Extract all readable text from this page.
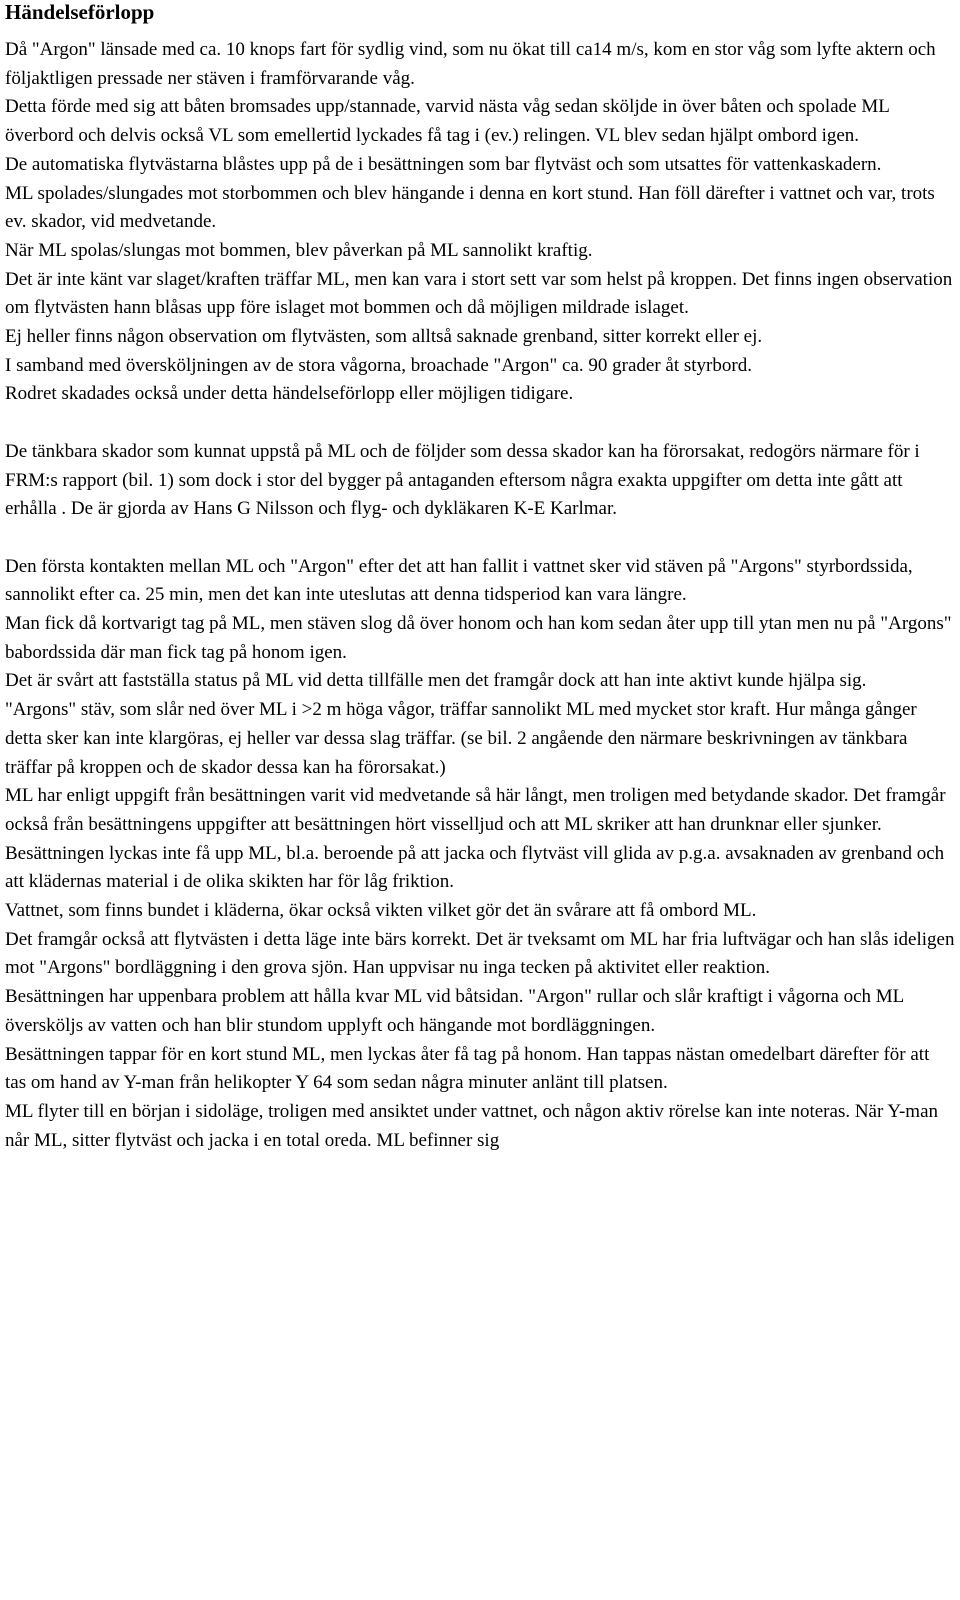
Händelseförlopp
Då "Argon" länsade med ca. 10 knops fart för sydlig vind, som nu ökat till ca14 m/s, kom en stor våg som lyfte aktern och följaktligen pressade ner stäven i framförvarande våg.
Detta förde med sig att båten bromsades upp/stannade, varvid nästa våg sedan sköljde in över båten och spolade ML överbord och delvis också VL som emellertid lyckades få tag i (ev.) relingen. VL blev sedan hjälpt ombord igen.
De automatiska flytvästarna blåstes upp på de i besättningen som bar flytväst och som utsattes för vattenkaskadern.
ML spolades/slungades mot storbommen och blev hängande i denna en kort stund. Han föll därefter i vattnet och var, trots ev. skador, vid medvetande.
När ML spolas/slungas mot bommen, blev påverkan på ML sannolikt kraftig.
Det är inte känt var slaget/kraften träffar ML, men kan vara i stort sett var som helst på kroppen. Det finns ingen observation om flytvästen hann blåsas upp före islaget mot bommen och då möjligen mildrade islaget.
Ej heller finns någon observation om flytvästen, som alltså saknade grenband, sitter korrekt eller ej.
I samband med översköljningen av de stora vågorna, broachade "Argon" ca. 90 grader åt styrbord.
Rodret skadades också under detta händelseförlopp eller möjligen tidigare.
De tänkbara skador som kunnat uppstå på ML och de följder som dessa skador kan ha förorsakat, redogörs närmare för i FRM:s rapport (bil. 1) som dock i stor del bygger på antaganden eftersom några exakta uppgifter om detta inte gått att erhålla . De är gjorda av Hans G Nilsson och flyg- och dykläkaren K-E Karlmar.
Den första kontakten mellan ML och "Argon" efter det att han fallit i vattnet sker vid stäven på "Argons" styrbordssida, sannolikt efter ca. 25 min, men det kan inte uteslutas att denna tidsperiod kan vara längre.
Man fick då kortvarigt tag på ML, men stäven slog då över honom och han kom sedan åter upp till ytan men nu på "Argons" babordssida där man fick tag på honom igen.
Det är svårt att fastställa status på ML vid detta tillfälle men det framgår dock att han inte aktivt kunde hjälpa sig.
"Argons" stäv, som slår ned över ML i >2 m höga vågor, träffar sannolikt ML med mycket stor kraft. Hur många gånger detta sker kan inte klargöras, ej heller var dessa slag träffar. (se bil. 2 angående den närmare beskrivningen av tänkbara träffar på kroppen och de skador dessa kan ha förorsakat.)
ML har enligt uppgift från besättningen varit vid medvetande så här långt, men troligen med betydande skador. Det framgår också från besättningens uppgifter att besättningen hört visselljud och att ML skriker att han drunknar eller sjunker.
Besättningen lyckas inte få upp ML, bl.a. beroende på att jacka och flytväst vill glida av p.g.a. avsaknaden av grenband och att klädernas material i de olika skikten har för låg friktion.
Vattnet, som finns bundet i kläderna, ökar också vikten vilket gör det än svårare att få ombord ML.
Det framgår också att flytvästen i detta läge inte bärs korrekt. Det är tveksamt om ML har fria luftvägar och han slås ideligen mot "Argons" bordläggning i den grova sjön. Han uppvisar nu inga tecken på aktivitet eller reaktion.
Besättningen har uppenbara problem att hålla kvar ML vid båtsidan. "Argon" rullar och slår kraftigt i vågorna och ML översköljs av vatten och han blir stundom upplyft och hängande mot bordläggningen.
Besättningen tappar för en kort stund ML, men lyckas åter få tag på honom. Han tappas nästan omedelbart därefter för att tas om hand av Y-man från helikopter Y 64 som sedan några minuter anlänt till platsen.
ML flyter till en början i sidoläge, troligen med ansiktet under vattnet, och någon aktiv rörelse kan inte noteras. När Y-man når ML, sitter flytväst och jacka i en total oreda. ML befinner sig
